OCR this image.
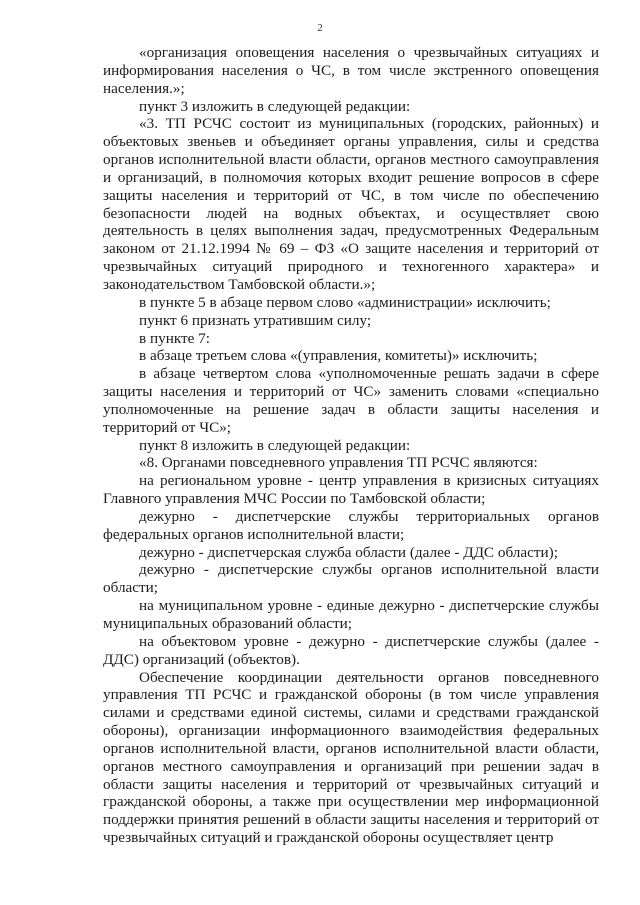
2

«организация оповещения населения о чрезвычайных ситуациях и информирования населения о ЧС, в том числе экстренного оповещения населения.»;

пункт 3 изложить в следующей редакции:

«3. ТП РСЧС состоит из муниципальных (городских, районных) и объектовых звеньев и объединяет органы управления, силы и средства органов исполнительной власти области, органов местного самоуправления и организаций, в полномочия которых входит решение вопросов в сфере защиты населения и территорий от ЧС, в том числе по обеспечению безопасности людей на водных объектах, и осуществляет свою деятельность в целях выполнения задач, предусмотренных Федеральным законом от 21.12.1994 № 69 – ФЗ «О защите населения и территорий от чрезвычайных ситуаций природного и техногенного характера» и законодательством Тамбовской области.»;

в пункте 5 в абзаце первом слово «администрации» исключить;

пункт 6 признать утратившим силу;

в пункте 7:

в абзаце третьем слова «(управления, комитеты)» исключить;

в абзаце четвертом слова «уполномоченные решать задачи в сфере защиты населения и территорий от ЧС» заменить словами «специально уполномоченные на решение задач в области защиты населения и территорий от ЧС»;

пункт 8 изложить в следующей редакции:

«8. Органами повседневного управления ТП РСЧС являются:

на региональном уровне - центр управления в кризисных ситуациях Главного управления МЧС России по Тамбовской области;

дежурно - диспетчерские службы территориальных органов федеральных органов исполнительной власти;

дежурно - диспетчерская служба области (далее - ДДС области);

дежурно - диспетчерские службы органов исполнительной власти области;

на муниципальном уровне - единые дежурно - диспетчерские службы муниципальных образований области;

на объектовом уровне - дежурно - диспетчерские службы (далее - ДДС) организаций (объектов).

Обеспечение координации деятельности органов повседневного управления ТП РСЧС и гражданской обороны (в том числе управления силами и средствами единой системы, силами и средствами гражданской обороны), организации информационного взаимодействия федеральных органов исполнительной власти, органов исполнительной власти области, органов местного самоуправления и организаций при решении задач в области защиты населения и территорий от чрезвычайных ситуаций и гражданской обороны, а также при осуществлении мер информационной поддержки принятия решений в области защиты населения и территорий от чрезвычайных ситуаций и гражданской обороны осуществляет центр
